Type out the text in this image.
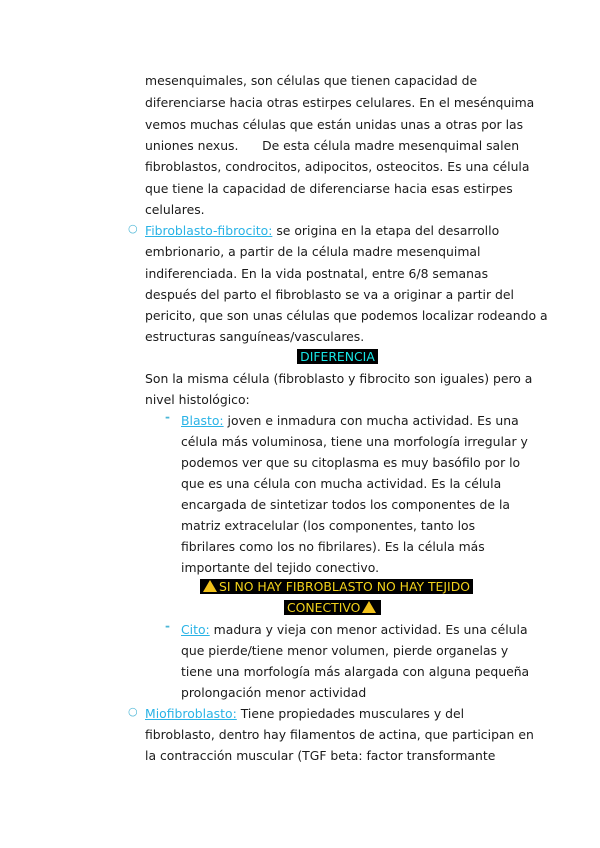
mesenquimales, son células que tienen capacidad de
diferenciarse hacia otras estirpes celulares. En el mesénquima
vemos muchas células que están unidas unas a otras por las
uniones nexus.      De esta célula madre mesenquimal salen
fibroblastos, condrocitos, adipocitos, osteocitos. Es una célula
que tiene la capacidad de diferenciarse hacia esas estirpes
celulares.
○ Fibroblasto-fibrocito: se origina en la etapa del desarrollo
embrionario, a partir de la célula madre mesenquimal
indiferenciada. En la vida postnatal, entre 6/8 semanas
después del parto el fibroblasto se va a originar a partir del
pericito, que son unas células que podemos localizar rodeando a
estructuras sanguíneas/vasculares.
DIFERENCIA
Son la misma célula (fibroblasto y fibrocito son iguales) pero a
nivel histológico:
- Blasto: joven e inmadura con mucha actividad. Es una
célula más voluminosa, tiene una morfología irregular y
podemos ver que su citoplasma es muy basófilo por lo
que es una célula con mucha actividad. Es la célula
encargada de sintetizar todos los componentes de la
matriz extracelular (los componentes, tanto los
fibrilares como los no fibrilares). Es la célula más
importante del tejido conectivo.
SI NO HAY FIBROBLASTO NO HAY TEJIDO
CONECTIVO
- Cito: madura y vieja con menor actividad. Es una célula
que pierde/tiene menor volumen, pierde organelas y
tiene una morfología más alargada con alguna pequeña
prolongación menor actividad
○ Miofibroblasto: Tiene propiedades musculares y del
fibroblasto, dentro hay filamentos de actina, que participan en
la contracción muscular (TGF beta: factor transformante
